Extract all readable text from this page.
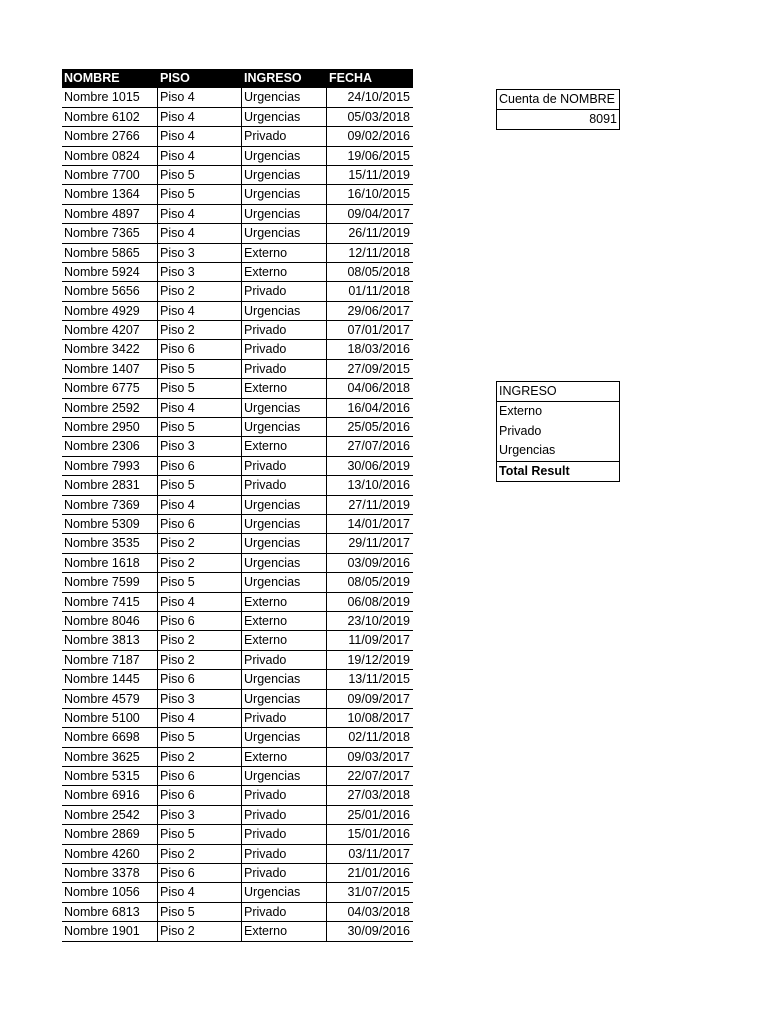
NOMBRE	PISO	INGRESO	FECHA
Nombre 1015	Piso 4	Urgencias	24/10/2015
Nombre 6102	Piso 4	Urgencias	05/03/2018
Nombre 2766	Piso 4	Privado	09/02/2016
Nombre 0824	Piso 4	Urgencias	19/06/2015
Nombre 7700	Piso 5	Urgencias	15/11/2019
Nombre 1364	Piso 5	Urgencias	16/10/2015
Nombre 4897	Piso 4	Urgencias	09/04/2017
Nombre 7365	Piso 4	Urgencias	26/11/2019
Nombre 5865	Piso 3	Externo	12/11/2018
Nombre 5924	Piso 3	Externo	08/05/2018
Nombre 5656	Piso 2	Privado	01/11/2018
Nombre 4929	Piso 4	Urgencias	29/06/2017
Nombre 4207	Piso 2	Privado	07/01/2017
Nombre 3422	Piso 6	Privado	18/03/2016
Nombre 1407	Piso 5	Privado	27/09/2015
Nombre 6775	Piso 5	Externo	04/06/2018
Nombre 2592	Piso 4	Urgencias	16/04/2016
Nombre 2950	Piso 5	Urgencias	25/05/2016
Nombre 2306	Piso 3	Externo	27/07/2016
Nombre 7993	Piso 6	Privado	30/06/2019
Nombre 2831	Piso 5	Privado	13/10/2016
Nombre 7369	Piso 4	Urgencias	27/11/2019
Nombre 5309	Piso 6	Urgencias	14/01/2017
Nombre 3535	Piso 2	Urgencias	29/11/2017
Nombre 1618	Piso 2	Urgencias	03/09/2016
Nombre 7599	Piso 5	Urgencias	08/05/2019
Nombre 7415	Piso 4	Externo	06/08/2019
Nombre 8046	Piso 6	Externo	23/10/2019
Nombre 3813	Piso 2	Externo	11/09/2017
Nombre 7187	Piso 2	Privado	19/12/2019
Nombre 1445	Piso 6	Urgencias	13/11/2015
Nombre 4579	Piso 3	Urgencias	09/09/2017
Nombre 5100	Piso 4	Privado	10/08/2017
Nombre 6698	Piso 5	Urgencias	02/11/2018
Nombre 3625	Piso 2	Externo	09/03/2017
Nombre 5315	Piso 6	Urgencias	22/07/2017
Nombre 6916	Piso 6	Privado	27/03/2018
Nombre 2542	Piso 3	Privado	25/01/2016
Nombre 2869	Piso 5	Privado	15/01/2016
Nombre 4260	Piso 2	Privado	03/11/2017
Nombre 3378	Piso 6	Privado	21/01/2016
Nombre 1056	Piso 4	Urgencias	31/07/2015
Nombre 6813	Piso 5	Privado	04/03/2018
Nombre 1901	Piso 2	Externo	30/09/2016
Cuenta de NOMBRE
8091
INGRESO
Externo
Privado
Urgencias
Total Result
